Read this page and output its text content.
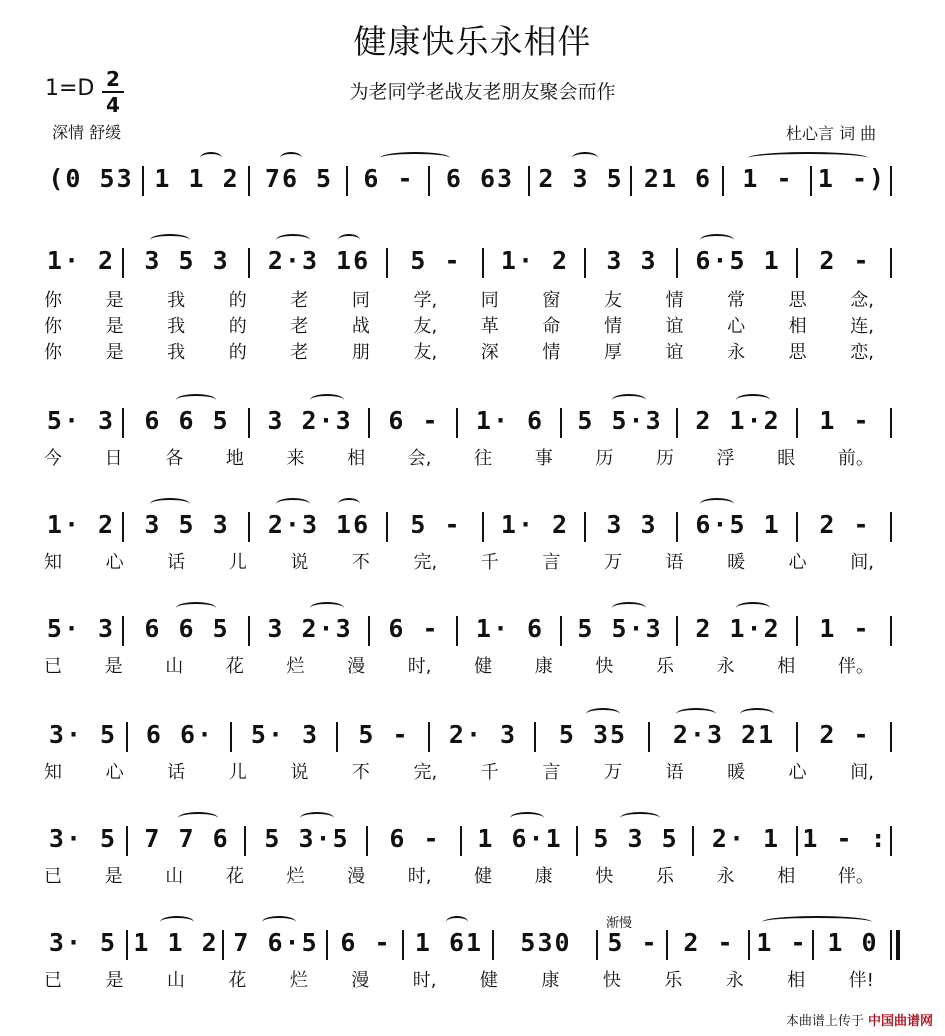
健康快乐永相伴
为老同学老战友老朋友聚会而作
1=D 2
4
深情 舒缓	杜心言 词 曲
(0 53 1 1 2	76 5	6 -	6 63 2 3 5 21 6	1 - 1 -)
1· 2	3 5 3	2·3 16	5 -	1· 2	3 3	6·5 1	2 -
5· 3	6 6 5	3 2·3	6 -	1· 6	5 5·3	2 1·2	1 -
1· 2	3 5 3	2·3 16	5 -	1· 2	3 3	6·5 1	2 -
5· 3	6 6 5	3 2·3	6 -	1· 6	5 5·3	2 1·2	1 -
3· 5	6 6·	5· 3	5 -	2· 3	5 35	2·3 21	2 -
3· 5	7 7 6	5 3·5	6 -	1 6·1	5 3 5	2· 1 1 - :
3· 5 1 1 2 7 6·5 6 - 1 61	530	5 - 2 - 1 - 1 0
你 是 我 的 老 同 学, 同 窗 友 情 常 思 念,
你 是 我 的 老 战 友, 革 命 情 谊 心 相 连,
你 是 我 的 老 朋 友, 深 情 厚 谊 永 思 恋,
今 日 各 地 来 相 会, 往 事 历 历 浮 眼 前。
知 心 话 儿 说 不 完, 千 言 万 语 暖 心 间,
已 是 山 花 烂 漫 时, 健 康 快 乐 永 相 伴。
知 心 话 儿 说 不 完, 千 言 万 语 暖 心 间,
已 是 山 花 烂 漫 时, 健 康 快 乐 永 相 伴。
已 是 山 花 烂 漫 时, 健 康 快 乐 永 相 伴!
渐慢
本曲谱上传于 中国曲谱网
